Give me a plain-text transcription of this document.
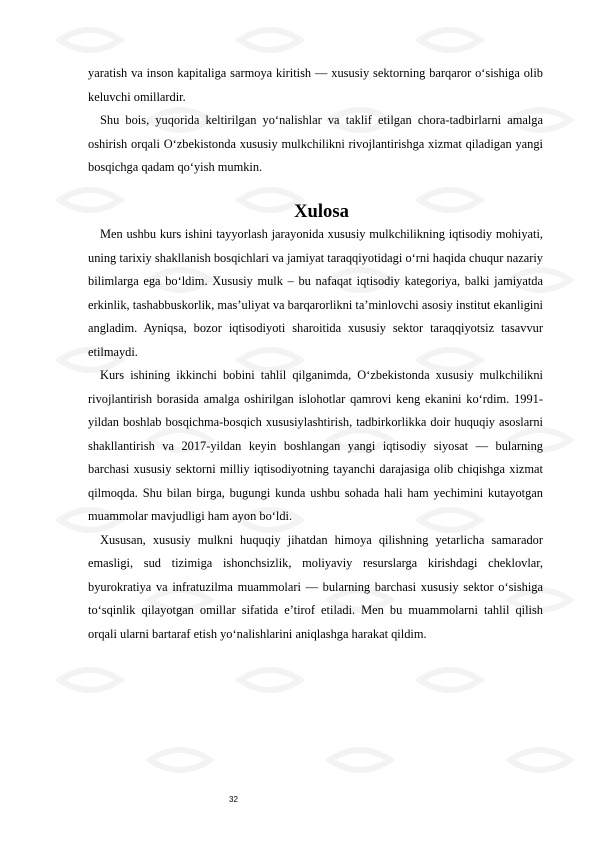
yaratish va inson kapitaliga sarmoya kiritish — xususiy sektorning barqaror o‘sishiga olib keluvchi omillardir.

Shu bois, yuqorida keltirilgan yo‘nalishlar va taklif etilgan chora-tadbirlarni amalga oshirish orqali O‘zbekistonda xususiy mulkchilikni rivojlantirishga xizmat qiladigan yangi bosqichga qadam qo‘yish mumkin.

Xulosa

Men ushbu kurs ishini tayyorlash jarayonida xususiy mulkchilikning iqtisodiy mohiyati, uning tarixiy shakllanish bosqichlari va jamiyat taraqqiyotidagi o‘rni haqida chuqur nazariy bilimlarga ega bo‘ldim. Xususiy mulk – bu nafaqat iqtisodiy kategoriya, balki jamiyatda erkinlik, tashabbuskorlik, mas’uliyat va barqarorlikni ta’minlovchi asosiy institut ekanligini angladim. Ayniqsa, bozor iqtisodiyoti sharoitida xususiy sektor taraqqiyotsiz tasavvur etilmaydi.

Kurs ishining ikkinchi bobini tahlil qilganimda, O‘zbekistonda xususiy mulkchilikni rivojlantirish borasida amalga oshirilgan islohotlar qamrovi keng ekanini ko‘rdim. 1991-yildan boshlab bosqichma-bosqich xususiylashtirish, tadbirkorlikka doir huquqiy asoslarni shakllantirish va 2017-yildan keyin boshlangan yangi iqtisodiy siyosat — bularning barchasi xususiy sektorni milliy iqtisodiyotning tayanchi darajasiga olib chiqishga xizmat qilmoqda. Shu bilan birga, bugungi kunda ushbu sohada hali ham yechimini kutayotgan muammolar mavjudligi ham ayon bo‘ldi.

Xususan, xususiy mulkni huquqiy jihatdan himoya qilishning yetarlicha samarador emasligi, sud tizimiga ishonchsizlik, moliyaviy resurslarga kirishdagi cheklovlar, byurokratiya va infratuzilma muammolari — bularning barchasi xususiy sektor o‘sishiga to‘sqinlik qilayotgan omillar sifatida e’tirof etiladi. Men bu muammolarni tahlil qilish orqali ularni bartaraf etish yo‘nalishlarini aniqlashga harakat qildim.

32
